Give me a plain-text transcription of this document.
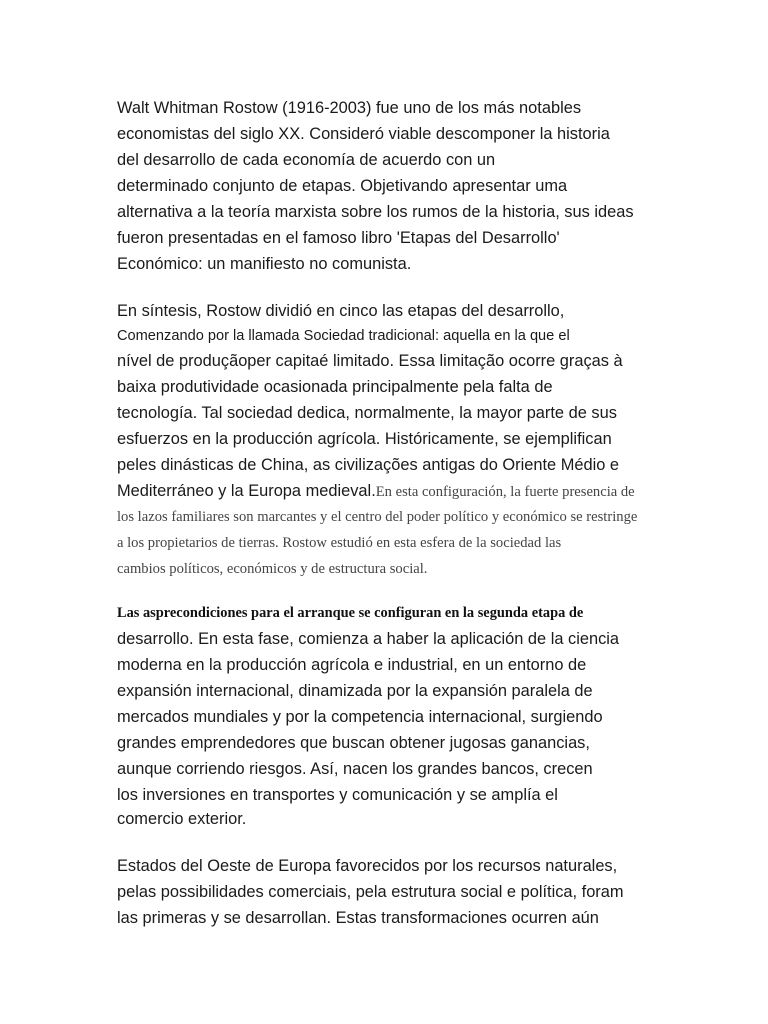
Walt Whitman Rostow (1916-2003) fue uno de los más notables
economistas del siglo XX. Consideró viable descomponer la historia
del desarrollo de cada economía de acuerdo con un
determinado conjunto de etapas. Objetivando apresentar uma
alternativa a la teoría marxista sobre los rumos de la historia, sus ideas
fueron presentadas en el famoso libro 'Etapas del Desarrollo'
Económico: un manifiesto no comunista.
En síntesis, Rostow dividió en cinco las etapas del desarrollo,
Comenzando por la llamada Sociedad tradicional: aquella en la que el
nível de produçãoper capitaé limitado. Essa limitação ocorre graças à
baixa produtividade ocasionada principalmente pela falta de
tecnología. Tal sociedad dedica, normalmente, la mayor parte de sus
esfuerzos en la producción agrícola. Históricamente, se ejemplifican
peles dinásticas de China, as civilizações antigas do Oriente Médio e
Mediterráneo y la Europa medieval.En esta configuración, la fuerte presencia de
los lazos familiares son marcantes y el centro del poder político y económico se restringe
a los propietarios de tierras. Rostow estudió en esta esfera de la sociedad las
cambios políticos, económicos y de estructura social.
Las asprecondiciones para el arranque se configuran en la segunda etapa de
desarrollo. En esta fase, comienza a haber la aplicación de la ciencia
moderna en la producción agrícola e industrial, en un entorno de
expansión internacional, dinamizada por la expansión paralela de
mercados mundiales y por la competencia internacional, surgiendo
grandes emprendedores que buscan obtener jugosas ganancias,
aunque corriendo riesgos. Así, nacen los grandes bancos, crecen
los inversiones en transportes y comunicación y se amplía el
comercio exterior.
Estados del Oeste de Europa favorecidos por los recursos naturales,
pelas possibilidades comerciais, pela estrutura social e política, foram
las primeras y se desarrollan. Estas transformaciones ocurren aún
